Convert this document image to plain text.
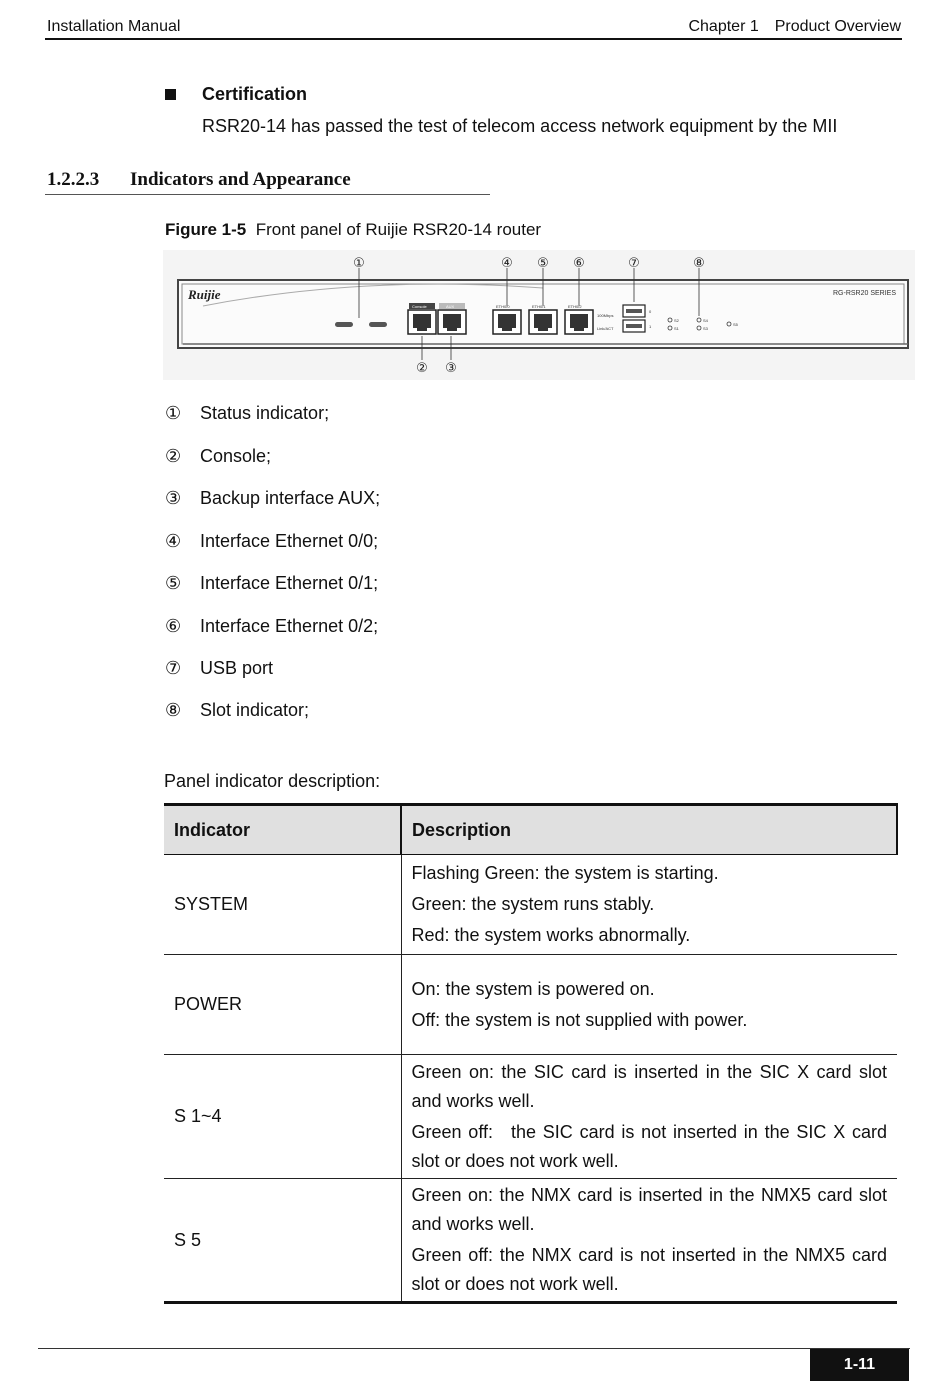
Installation Manual	Chapter 1 Product Overview
Certification
RSR20-14 has passed the test of telecom access network equipment by the MII
1.2.2.3 Indicators and Appearance
Figure 1-5 Front panel of Ruijie RSR20-14 router
Ruijie	RG-RSR20 SERIES
Console	AUX	ETH0/0	ETH0/1	ETH0/2
100Mbps
Link/ACT
0
1
S2
S1
S4
S3
S5
①	④ ⑤ ⑥	⑦	⑧
② ③
① Status indicator;
② Console;
③ Backup interface AUX;
④ Interface Ethernet 0/0;
⑤ Interface Ethernet 0/1;
⑥ Interface Ethernet 0/2;
⑦ USB port
⑧ Slot indicator;
Panel indicator description:
Indicator	Description
SYSTEM	Flashing Green: the system is starting.

Green: the system runs stably.

Red: the system works abnormally.

POWER	On: the system is powered on.

Off: the system is not supplied with power.

S 1~4	Green on: the SIC card is inserted in the SIC X card slot and works well.

Green off: the SIC card is not inserted in the SIC X card slot or does not work well.

S 5	Green on: the NMX card is inserted in the NMX5 card slot and works well.

Green off: the NMX card is not inserted in the NMX5 card slot or does not work well.

1-11
